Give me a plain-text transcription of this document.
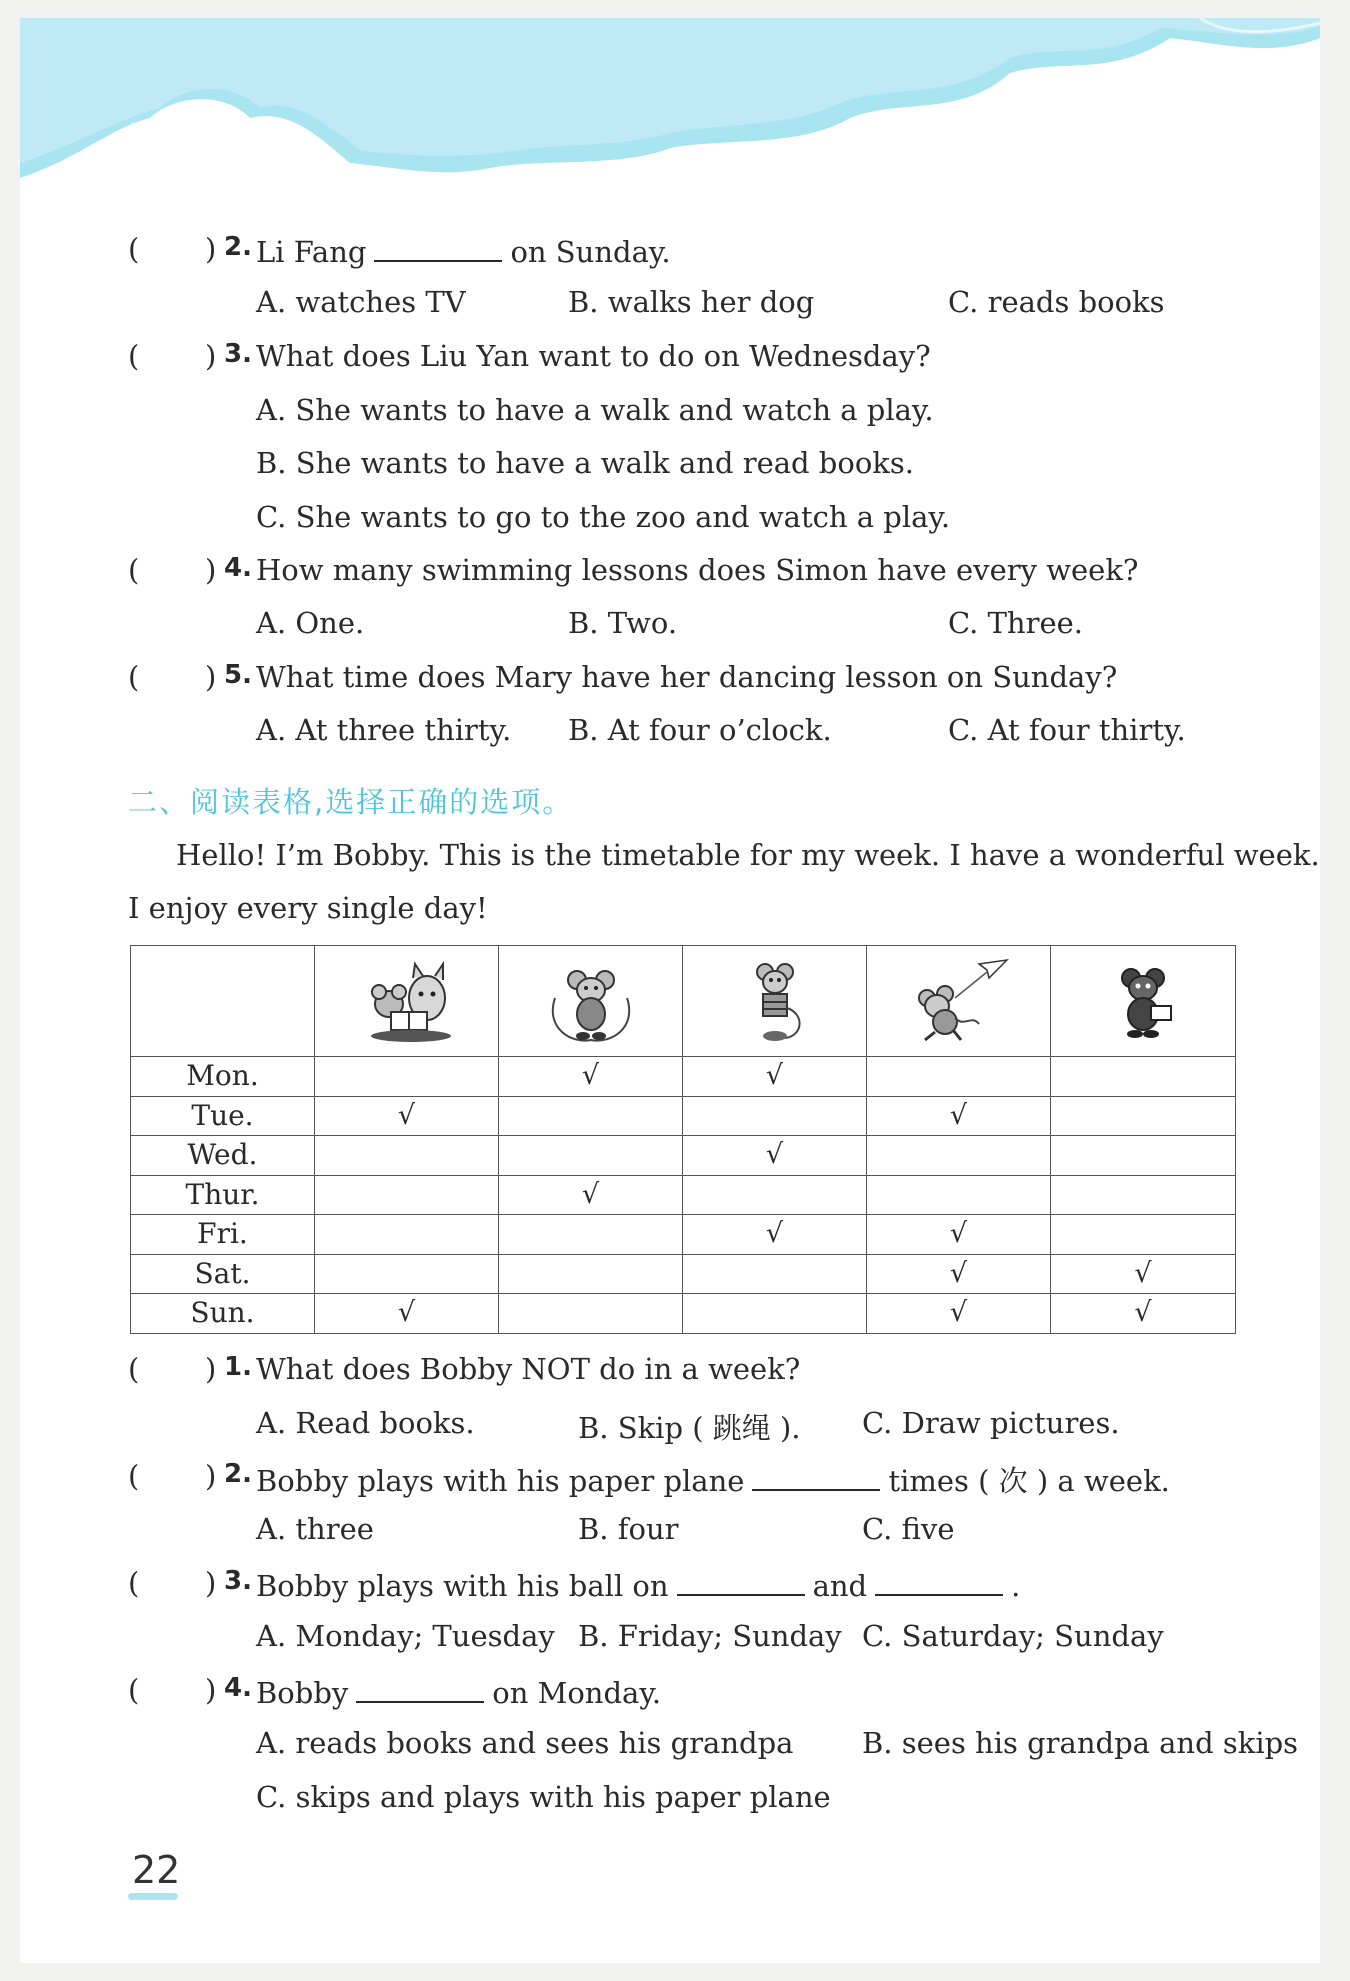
四年级上册
( ) 2. Li Fang	on Sunday.
A. watches TV	B. walks her dog	C. reads books
( ) 3. What does Liu Yan want to do on Wednesday?
A. She wants to have a walk and watch a play.
B. She wants to have a walk and read books.
C. She wants to go to the zoo and watch a play.
( ) 4. How many swimming lessons does Simon have every week?
A. One.	B. Two.	C. Three.
( ) 5. What time does Mary have her dancing lesson on Sunday?
A. At three thirty. B. At four o’clock.	C. At four thirty.
二、阅读表格,选择正确的选项。
Hello! I’m Bobby. This is the timetable for my week. I have a wonderful week.
I enjoy every single day!

Mon.		√	√		
Tue.	√			√	
Wed.			√		
Thur.		√			
Fri.			√	√	
Sat.				√	√
Sun.	√			√	√
( ) 1. What does Bobby NOT do in a week?
A. Read books.	B. Skip ( 跳绳 ). C. Draw pictures.
( ) 2. Bobby plays with his paper plane	times ( 次 ) a week.
A. three	B. four	C. five
( ) 3. Bobby plays with his ball on	and	.
A. Monday; Tuesday B. Friday; Sunday C. Saturday; Sunday
( ) 4. Bobby	on Monday.
A. reads books and sees his grandpa B. sees his grandpa and skips
C. skips and plays with his paper plane
22
